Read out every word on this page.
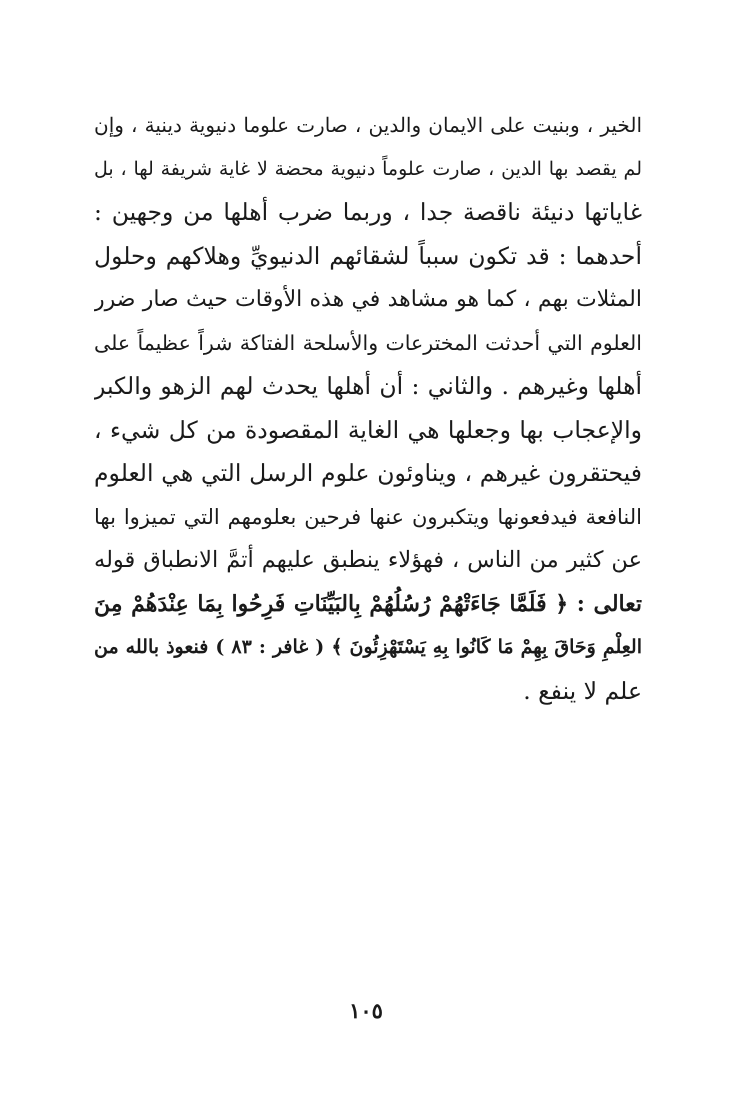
الخير ، وبنيت على الايمان والدين ، صارت علوما دنيوية دينية ، وإن
لم يقصد بها الدين ، صارت علوماً دنيوية محضة لا غاية شريفة لها ، بل
غاياتها دنيئة ناقصة جدا ، وربما ضرب أهلها من وجهين :
أحدهما : قد تكون سبباً لشقائهم الدنيويِّ وهلاكهم وحلول
المثلات بهم ، كما هو مشاهد في هذه الأوقات حيث صار ضرر
العلوم التي أحدثت المخترعات والأسلحة الفتاكة شراً عظيماً على
أهلها وغيرهم . والثاني : أن أهلها يحدث لهم الزهو والكبر
والإعجاب بها وجعلها هي الغاية المقصودة من كل شيء ،
فيحتقرون غيرهم ، ويناوئون علوم الرسل التي هي العلوم
النافعة فيدفعونها ويتكبرون عنها فرحين بعلومهم التي تميزوا بها
عن كثير من الناس ، فهؤلاء ينطبق عليهم أتمَّ الانطباق قوله
تعالى : ﴿ فَلَمَّا جَاءَتْهُمْ رُسُلُهُمْ بِالبَيِّنَاتِ فَرِحُوا بِمَا عِنْدَهُمْ مِنَ
العِلْمِ وَحَاقَ بِهِمْ مَا كَانُوا بِهِ يَسْتَهْزِئُونَ ﴾ ( غافر : ٨٣ ) فنعوذ بالله من
علم لا ينفع .
١٠٥
